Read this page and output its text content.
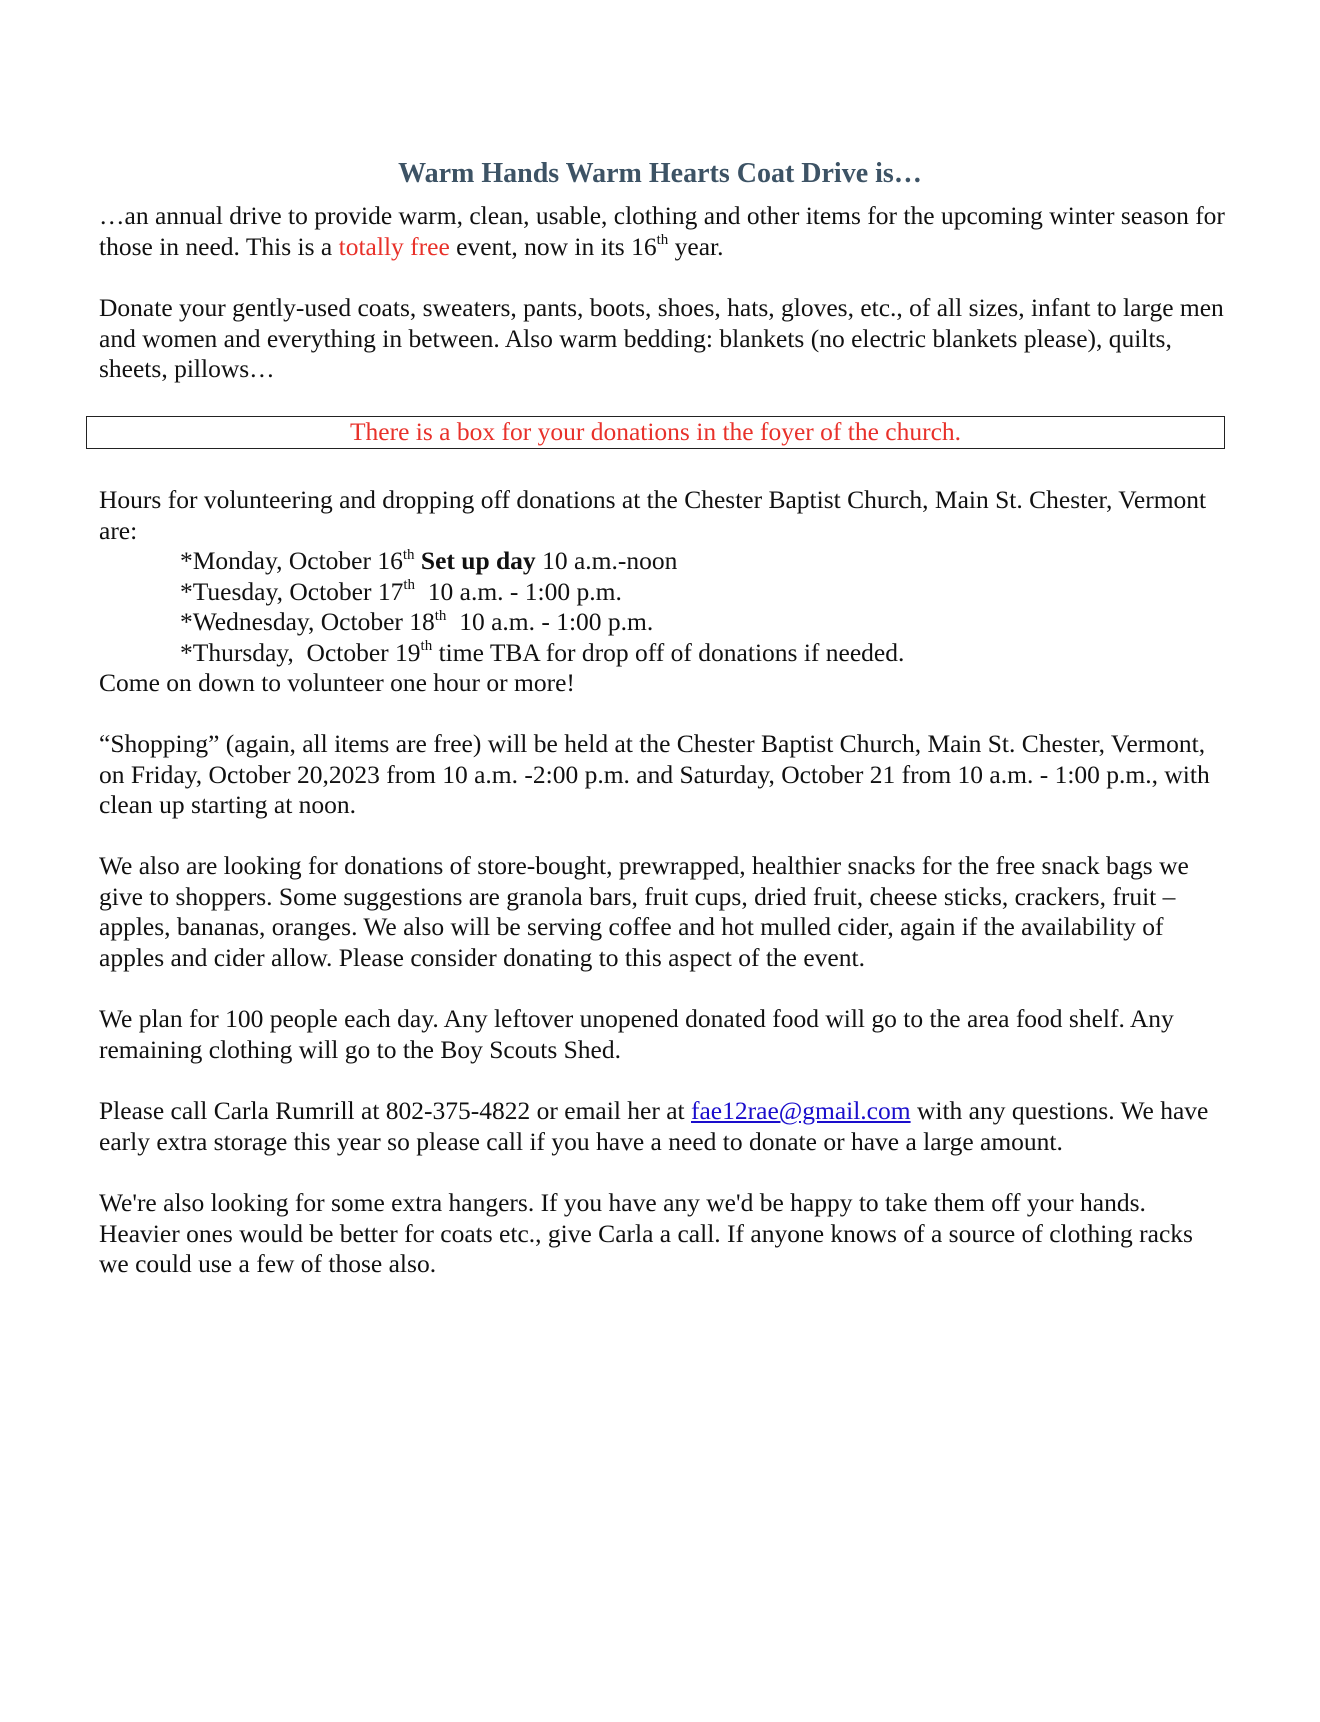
Warm Hands Warm Hearts Coat Drive is…

…an annual drive to provide warm, clean, usable, clothing and other items for the upcoming winter season for those in need. This is a totally free event, now in its 16th year.

Donate your gently-used coats, sweaters, pants, boots, shoes, hats, gloves, etc., of all sizes, infant to large men and women and everything in between. Also warm bedding: blankets (no electric blankets please), quilts, sheets, pillows…

There is a box for your donations in the foyer of the church.

Hours for volunteering and dropping off donations at the Chester Baptist Church, Main St. Chester, Vermont are:
*Monday, October 16th Set up day 10 a.m.-noon
*Tuesday, October 17th  10 a.m. - 1:00 p.m.
*Wednesday, October 18th  10 a.m. - 1:00 p.m.
*Thursday,  October 19th time TBA for drop off of donations if needed.
Come on down to volunteer one hour or more!

“Shopping” (again, all items are free) will be held at the Chester Baptist Church, Main St. Chester, Vermont, on Friday, October 20,2023 from 10 a.m. -2:00 p.m. and Saturday, October 21 from 10 a.m. - 1:00 p.m., with clean up starting at noon.

We also are looking for donations of store-bought, prewrapped, healthier snacks for the free snack bags we give to shoppers. Some suggestions are granola bars, fruit cups, dried fruit, cheese sticks, crackers, fruit – apples, bananas, oranges. We also will be serving coffee and hot mulled cider, again if the availability of apples and cider allow. Please consider donating to this aspect of the event.

We plan for 100 people each day. Any leftover unopened donated food will go to the area food shelf. Any remaining clothing will go to the Boy Scouts Shed.

Please call Carla Rumrill at 802-375-4822 or email her at fae12rae@gmail.com with any questions. We have early extra storage this year so please call if you have a need to donate or have a large amount.

We're also looking for some extra hangers. If you have any we'd be happy to take them off your hands. Heavier ones would be better for coats etc., give Carla a call. If anyone knows of a source of clothing racks we could use a few of those also.
